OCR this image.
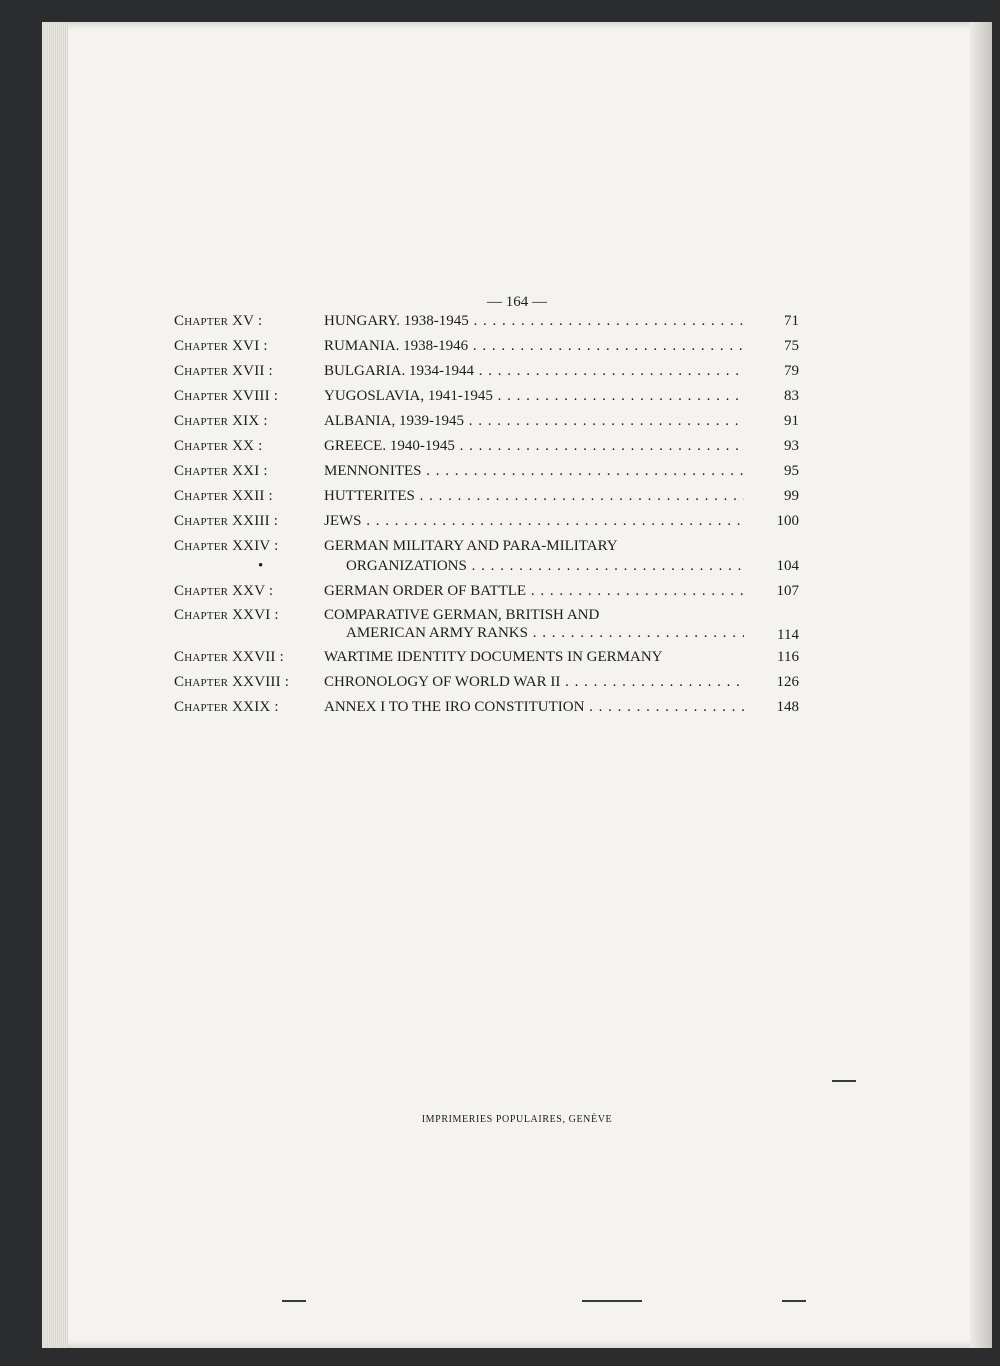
— 164 —
Chapter XV :	HUNGARY. 1938-1945 . . .	71
Chapter XVI :	RUMANIA. 1938-1946 . . .	75
Chapter XVII :	BULGARIA. 1934-1944 . . .	79
Chapter XVIII :	YUGOSLAVIA, 1941-1945 . . .	83
Chapter XIX :	ALBANIA, 1939-1945 . . .	91
Chapter XX :	GREECE. 1940-1945 . . .	93
Chapter XXI :	MENNONITES . . .	95
Chapter XXII :	HUTTERITES . . .	99
Chapter XXIII :	JEWS . . .	100
Chapter XXIV :	GERMAN MILITARY AND PARA-MILITARY
•	ORGANIZATIONS . . .	104
Chapter XXV :	GERMAN ORDER OF BATTLE . . .	107
Chapter XXVI :	COMPARATIVE GERMAN, BRITISH AND
AMERICAN ARMY RANKS . . .	114
Chapter XXVII :	WARTIME IDENTITY DOCUMENTS IN GERMANY	116
Chapter XXVIII :	CHRONOLOGY OF WORLD WAR II . . .	126
Chapter XXIX :	ANNEX I TO THE IRO CONSTITUTION . . .	148
IMPRIMERIES POPULAIRES, GENÈVE
